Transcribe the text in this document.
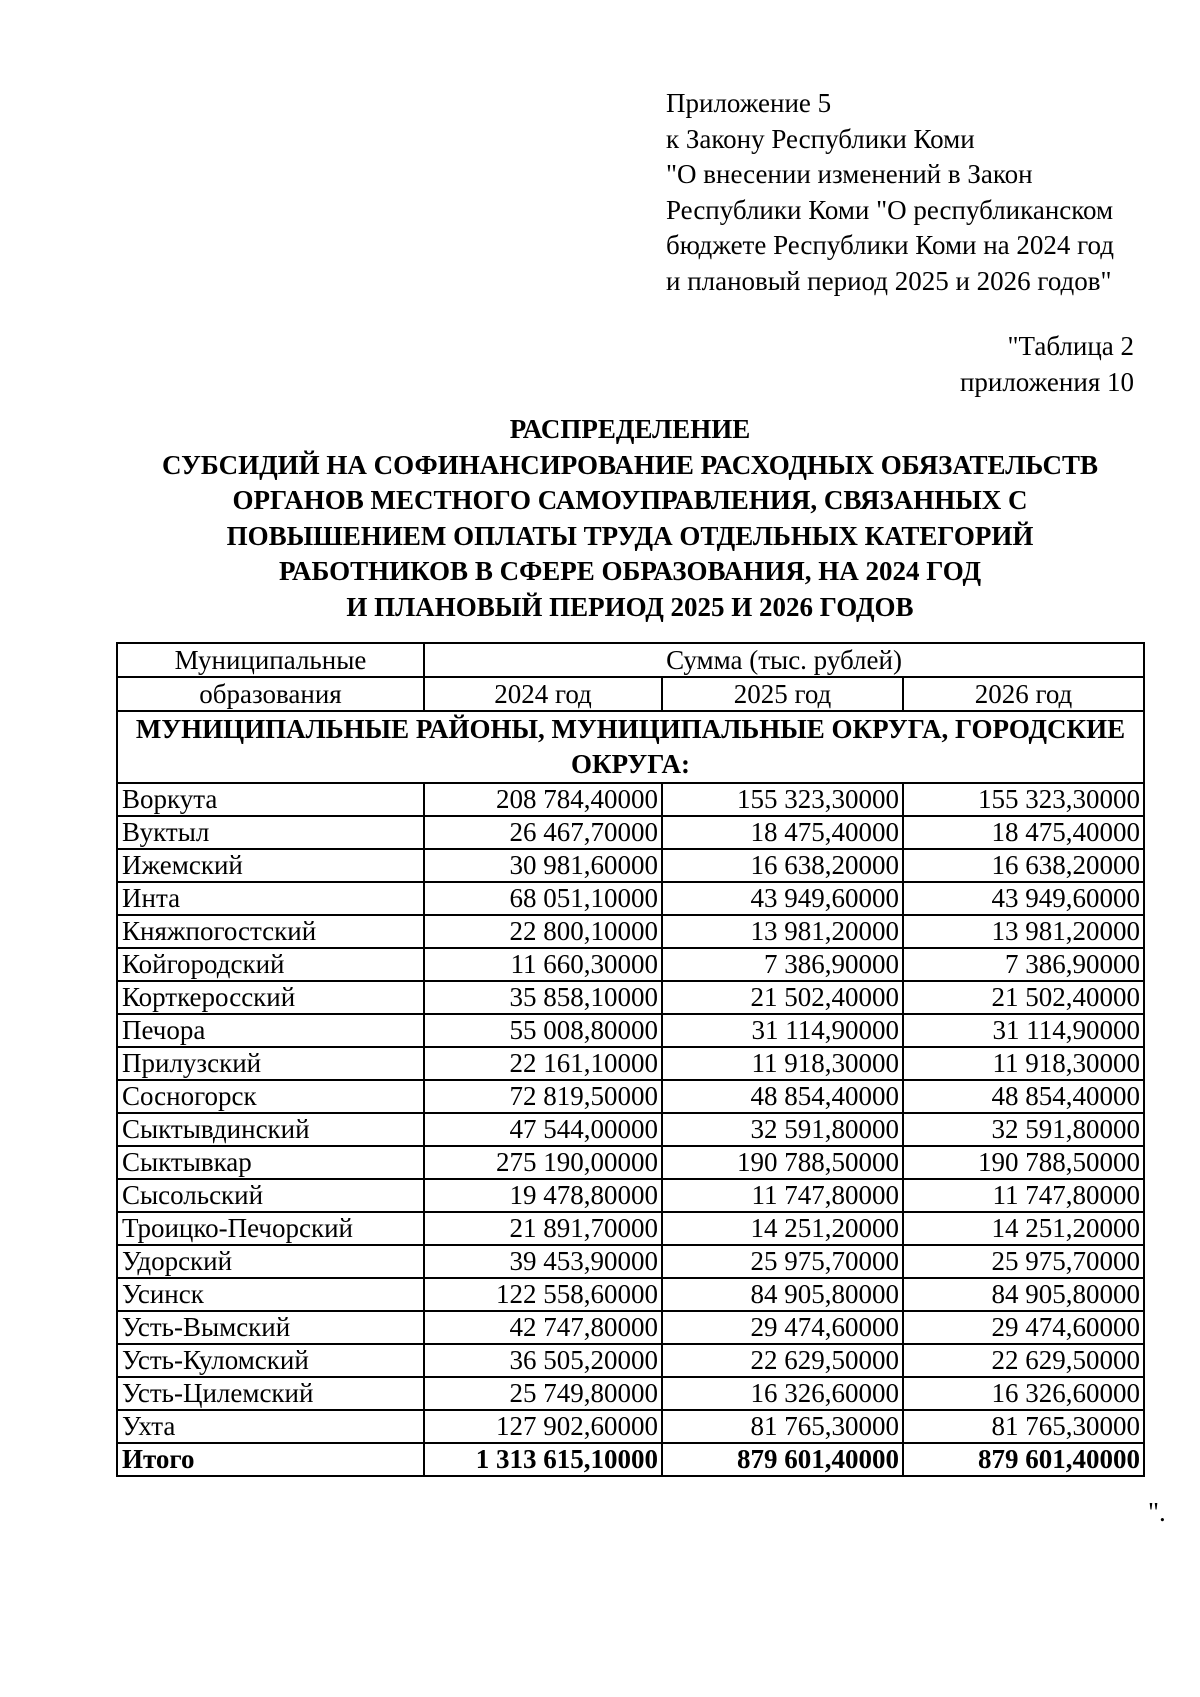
Приложение 5
к Закону Республики Коми
"О внесении изменений в Закон
Республики Коми "О республиканском
бюджете Республики Коми на 2024 год
и плановый период 2025 и 2026 годов"
"Таблица 2
приложения 10
РАСПРЕДЕЛЕНИЕ
СУБСИДИЙ НА СОФИНАНСИРОВАНИЕ РАСХОДНЫХ ОБЯЗАТЕЛЬСТВ
ОРГАНОВ МЕСТНОГО САМОУПРАВЛЕНИЯ, СВЯЗАННЫХ С
ПОВЫШЕНИЕМ ОПЛАТЫ ТРУДА ОТДЕЛЬНЫХ КАТЕГОРИЙ
РАБОТНИКОВ В СФЕРЕ ОБРАЗОВАНИЯ, НА 2024 ГОД
И ПЛАНОВЫЙ ПЕРИОД 2025 И 2026 ГОДОВ
Муниципальные	Сумма (тыс. рублей)		
образования	2024 год	2025 год	2026 год
МУНИЦИПАЛЬНЫЕ РАЙОНЫ, МУНИЦИПАЛЬНЫЕ ОКРУГА, ГОРОДСКИЕ ОКРУГА:			
Воркута	208 784,40000	155 323,30000	155 323,30000
Вуктыл	26 467,70000	18 475,40000	18 475,40000
Ижемский	30 981,60000	16 638,20000	16 638,20000
Инта	68 051,10000	43 949,60000	43 949,60000
Княжпогостский	22 800,10000	13 981,20000	13 981,20000
Койгородский	11 660,30000	7 386,90000	7 386,90000
Корткеросский	35 858,10000	21 502,40000	21 502,40000
Печора	55 008,80000	31 114,90000	31 114,90000
Прилузский	22 161,10000	11 918,30000	11 918,30000
Сосногорск	72 819,50000	48 854,40000	48 854,40000
Сыктывдинский	47 544,00000	32 591,80000	32 591,80000
Сыктывкар	275 190,00000	190 788,50000	190 788,50000
Сысольский	19 478,80000	11 747,80000	11 747,80000
Троицко-Печорский	21 891,70000	14 251,20000	14 251,20000
Удорский	39 453,90000	25 975,70000	25 975,70000
Усинск	122 558,60000	84 905,80000	84 905,80000
Усть-Вымский	42 747,80000	29 474,60000	29 474,60000
Усть-Куломский	36 505,20000	22 629,50000	22 629,50000
Усть-Цилемский	25 749,80000	16 326,60000	16 326,60000
Ухта	127 902,60000	81 765,30000	81 765,30000
Итого	1 313 615,10000	879 601,40000	879 601,40000
".
